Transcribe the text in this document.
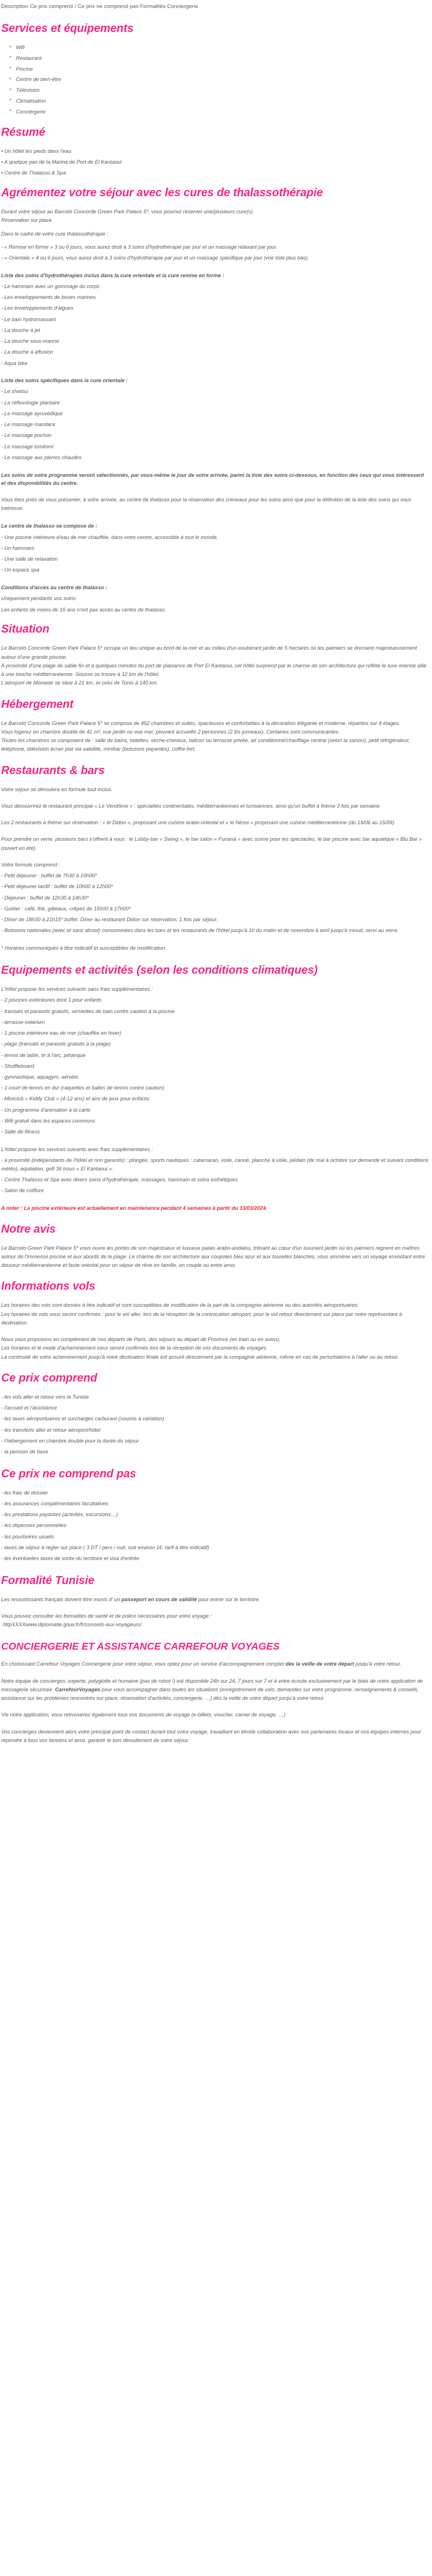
Description Ce prix comprend / Ce prix ne comprend pas Formalités Conciergerie
Services et équipements
• Wifi
• Restaurant
• Piscine
• Centre de bien-être
• Télévision
• Climatisation
• Conciérgerie
Résumé
• Un hôtel les pieds dans l'eau
• A quelque pas de la Marina de Port de El Kantaoui
• Centre de Thalasso & Spa
Agrémentez votre séjour avec les cures de thalassothérapie
Durant votre séjour au Barcelo Concorde Green Park Palace 5*, vous pourrez réserver une/plusieurs cure(s).
Réservation sur place
Dans le cadre de votre cure thalassothérapie :
- « Remise en forme » 3 ou 6 jours, vous aurez droit à 3 soins d'hydrothérapie par jour et un massage relaxant par jour.
- « Orientale » 4 ou 6 jours, vous aurez droit à 3 soins d'hydrothérapie par jour et un massage spécifique par jour (voir liste plus bas).
Liste des soins d'hydrothérapies inclus dans la cure orientale et la cure remise en forme :
- Le hammam avec un gommage du corps
- Les enveloppements de boues marines
- Les enveloppements d'algues
- Le bain hydromassant
- La douche à jet
- La douche sous-marine
- La douche à affusion
- Aqua bike
Liste des soins spécifiques dans la cure orientale :
- Le shiatsu
- La réflexologie plantaire
- Le massage ayruvédique
- Le massage mandara
- Le massage pochon
- Le massage lomilomi
- Le massage aux pierres chaudes
Les soins de votre programme seront sélectionnés, par vous-même le jour de votre arrivée, parmi la liste des soins ci-dessous, en fonction des ceux qui vous intéressent et des disponibilités du centre.
Vous êtes priés de vous présenter, à votre arrivée, au centre de thalasso pour la réservation des créneaux pour les soins ainsi que pour la définition de la liste des soins qui vous intéresse.
Le centre de thalasso se compose de :
- Une piscine intérieure d'eau de mer chauffée, dans votre centre, accessible à tout le monde.
- Un hammam
- Une salle de relaxation
- Un espace spa
Conditions d'accès au centre de thalasso :
Uniquement pendants vos soins
Les enfants de moins de 16 ans n'ont pas accès au centre de thalasso.
Situation
Le Barceló Concorde Green Park Palace 5* occupe un lieu unique au bord de la mer et au milieu d'un exubérant jardin de 5 hectares où les palmiers se dressent majestueusement autour d'une grande piscine.
À proximité d'une plage de sable fin et à quelques minutes du port de plaisance de Port El Kantaoui, cet hôtel surprend par le charme de son architecture qui reflète le luxe oriental allié à une touche méditerranéenne. Sousse se trouve à 12 km de l'hôtel.
L'aéroport de Monastir se situe à 21 km, et celui de Tunis à 140 km.
Hébergement
Le Barceló Concorde Green Park Palace 5* se compose de 452 chambres et suites, spacieuses et confortables à la décoration élégante et moderne, réparties sur 4 étages.
Vous logerez en chambre double de 41 m², vue jardin ou vue mer, pouvant accueillir 2 personnes (2 lits jumeaux). Certaines sont communicantes.
Toutes les chambres se composent de : salle de bains, toilettes, sèche-cheveux, balcon ou terrasse privée, air conditionné/chauffage central (selon la saison), petit réfrigérateur, téléphone, télévision écran plat via satellite, minibar (boissons payantes), coffre-fort.
Restaurants & bars
Votre séjour se déroulera en formule tout inclus.
Vous découvrirez le restaurant principal « Le Vendôme » : spécialités continentales, méditerranéennes et tunisiennes, ainsi qu'un buffet à thème 3 fois par semaine.
Les 2 restaurants à thème sur réservation : « le Didon », proposant une cuisine arabo-oriental et « le Nèsoi » proposant une cuisine méditerranéenne (du 15/06 au 15/09).
Pour prendre un verre, plusieurs bars s'offrent à vous : le Lobby-bar « Swing », le bar salon « Funanà » avec scène pour les spectacles, le bar piscine avec bar aquatique « Blu Bar » (ouvert en été).
Votre formule comprend :
- Petit déjeuner : buffet de 7h30 à 10h00*
- Petit déjeuner tardif : buffet de 10h00 à 12h00*
- Déjeuner : buffet de 12h30 à 14h30*
- Goûter : café, thé, gâteaux, crêpes de 15h00 à 17h00*
- Dîner de 18h30 à 21h15* buffet. Diner au restaurant Didon sur réservation, 1 fois par séjour.
- Boissons nationales (avec et sans alcool) consommées dans les bars et les restaurants de l'hôtel jusqu'à 1h du matin et de novembre à avril jusqu'à minuit, servi au verre.
* Horaires communiqués à titre indicatif et susceptibles de modification.
Equipements et activités (selon les conditions climatiques)
L'hôtel propose les services suivants sans frais supplémentaires :
- 2 piscines extérieures dont 1 pour enfants
- transats et parasols gratuits, serviettes de bain contre caution à la piscine
- terrasse-solarium
- 1 piscine intérieure eau de mer (chauffée en hiver)
- plage (transats et parasols gratuits à la plage)
- tennis de table, tir à l'arc, pétanque
- Shuffleboard
- gymnastique, aquagym, aérobic
- 1 court de tennis en dur (raquettes et balles de tennis contre caution)
- Miniclub « Kiddy Club » (4-12 ans) et aire de jeux pour enfants
- Un programme d'animation à la carte
- Wifi gratuit dans les espaces communs
- Salle de fitness
L'hôtel propose les services suivants avec frais supplémentaires :
- à proximité (indépendants de l'hôtel et non garantis) : plongée, sports nautiques : catamaran, voile, canoë, planche à voile, pédalo (de mai à octobre sur demande et suivant conditions météo), équitation, golf 36 trous « El Kantaoui ».
- Centre Thalasso et Spa avec divers soins d'hydrothérapie, massages, hammam et soins esthétiques.
- Salon de coiffure
A noter : La piscine extérieure est actuellement en maintenance pendant 4 semaines à partir du 13/03/2024.
Notre avis
Le Barcelo Green Park Palace 5* vous ouvre les portes de son majestueux et luxueux palais arabo-andalou, trônant au cœur d'un luxuriant jardin où les palmiers règnent en maîtres autour de l'immense piscine et aux abords de la plage. Le charme de son architecture aux coupoles bleu azur et aux tourelles blanches, vous emmène vers un voyage envoûtant entre douceur méditerranéenne et faste oriental pour un séjour de rêve en famille, en couple ou entre amis.
Informations vols
Les horaires des vols sont donnés à titre indicatif et sont susceptibles de modification de la part de la compagnie aérienne ou des autorités aéroportuaires.
Les horaires de vols vous seront confirmés : pour le vol aller, lors de la réception de la convocation aéroport, pour le vol retour directement sur place par notre représentant à destination.
Nous vous proposons en complément de nos départs de Paris, des séjours au départ de Province (en train ou en avion).
Les horaires et le mode d'acheminement vous seront confirmés lors de la réception de vos documents de voyages.
La continuité de votre acheminement jusqu'à votre destination finale est assuré directement par la compagnie aérienne, même en cas de perturbations à l'aller ou au retour.
Ce prix comprend
- les vols aller et retour vers la Tunisie
- l'accueil et l'assistance
- les taxes aéroportuaires et surcharges carburant (soumis à variation)
- les transferts aller et retour aéroport/hôtel
- l'hébergement en chambre double pour la durée du séjour
- la pension de base
Ce prix ne comprend pas
- les frais de dossier
- les assurances complémentaires facultatives
- les prestations payantes (activités, excursions…)
- les dépenses personnelles
- les pourboires usuels
- taxes de séjour à régler sur place ( 3 DT / pers / nuit, soit environ 1€, tarif à titre indicatif)
- les éventuelles taxes de sortie du territoire et visa d'entrée
Formalité Tunisie
Les ressortissants français doivent être munis d' un passeport en cours de validité pour entrer sur le territoire.
Vous pouvez consulter les formalités de santé et de police nécessaires pour votre voyage :
httpXXXXwww.diplomatie.gouv.fr/fr/conseils-aux-voyageurs/
CONCIERGERIE ET ASSISTANCE CARREFOUR VOYAGES
En choisissant Carrefour Voyages Conciergerie pour votre séjour, vous optez pour un service d'accompagnement complet dès la veille de votre départ jusqu'à votre retour.
Notre équipe de concierges, experte, polyglotte et humaine (pas de robot !) est disponible 24h sur 24, 7 jours sur 7 et à votre écoute exclusivement par le biais de notre application de messagerie sécurisée. CarrefourVoyages pour vous accompagner dans toutes les situations (enregistrement de vols, demandes sur votre programme, renseignements & conseils, assistance sur les problèmes rencontrés sur place, réservation d'activités, conciergerie, …) dès la veille de votre départ jusqu'à votre retour.
Vie notre application, vous retrouverez également tous vos documents de voyage (e-billets, voucher, carnet de voyage, …)
Vos concierges deviennent alors votre principal point de contact durant tout votre voyage, travaillant en étroite collaboration avec nos partenaires locaux et nos équipes internes pour répondre à tous vos besoins et ainsi, garantir le bon déroulement de votre séjour.
